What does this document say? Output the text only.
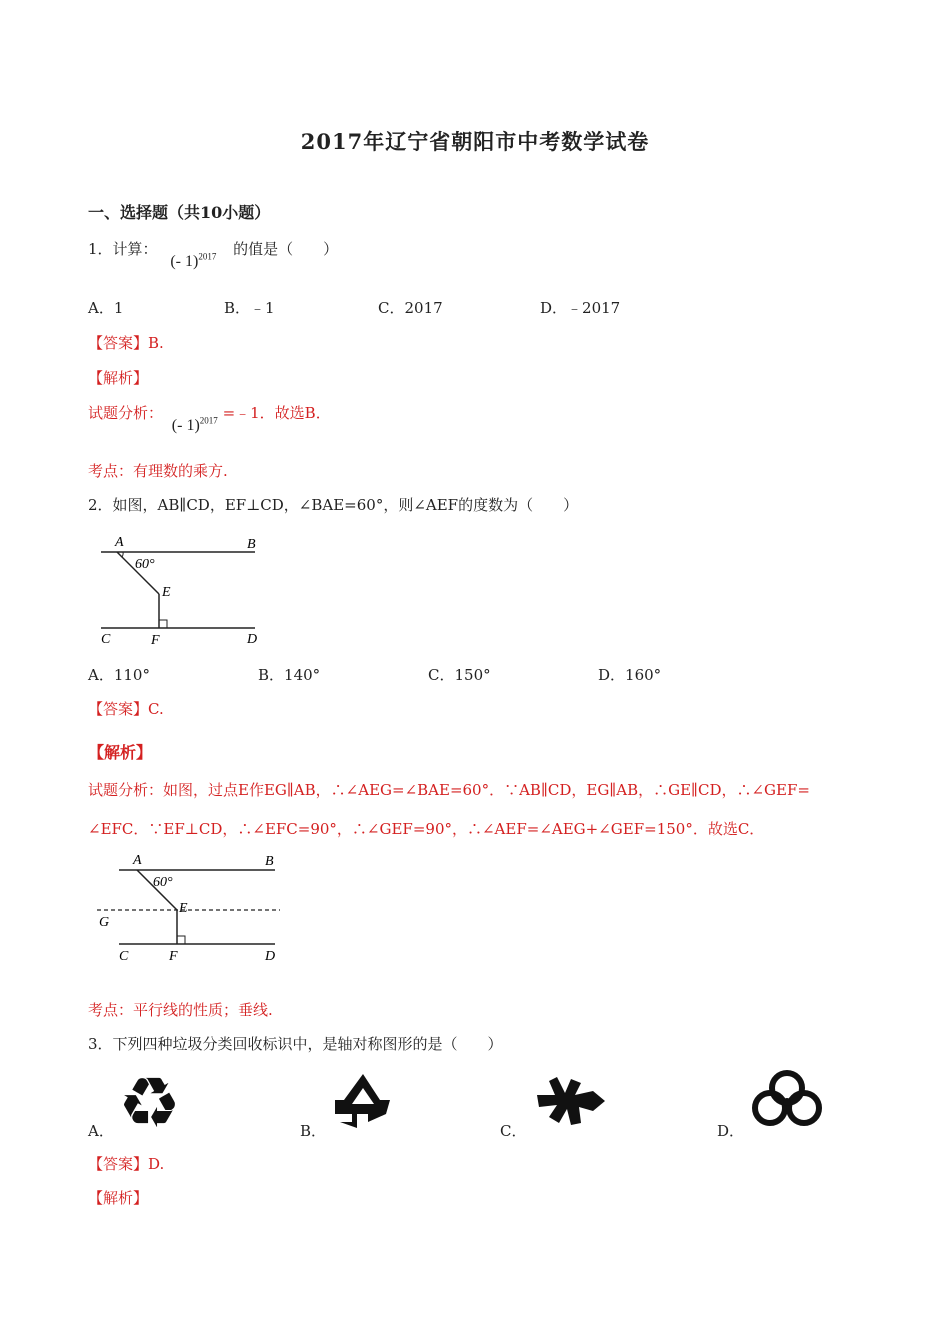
2017年辽宁省朝阳市中考数学试卷
一、选择题（共10小题）
1．计算： (- 1)$^{2017}$ 的值是（　　）
A．1	B．﹣1	C．2017	D．﹣2017
【答案】B.
【解析】
试题分析： (- 1)$^{2017}$ =﹣1．故选B．
考点：有理数的乘方.
2．如图，AB∥CD，EF⊥CD，∠BAE=60°，则∠AEF的度数为（　　）
A	B
60°
E
C	F	D
A．110°	B．140°	C．150°	D．160°
【答案】C.
【解析】
试题分析：如图，过点E作EG∥AB，∴∠AEG=∠BAE=60°．∵AB∥CD，EG∥AB，∴GE∥CD，∴∠GEF=
∠EFC．∵EF⊥CD，∴∠EFC=90°，∴∠GEF=90°，∴∠AEF=∠AEG+∠GEF=150°．故选C．
A	B
60°
E
G
C	F	D
考点：平行线的性质；垂线.
3．下列四种垃圾分类回收标识中，是轴对称图形的是（　　）
A． ♻	B．	C．	D．
【答案】D.
【解析】
